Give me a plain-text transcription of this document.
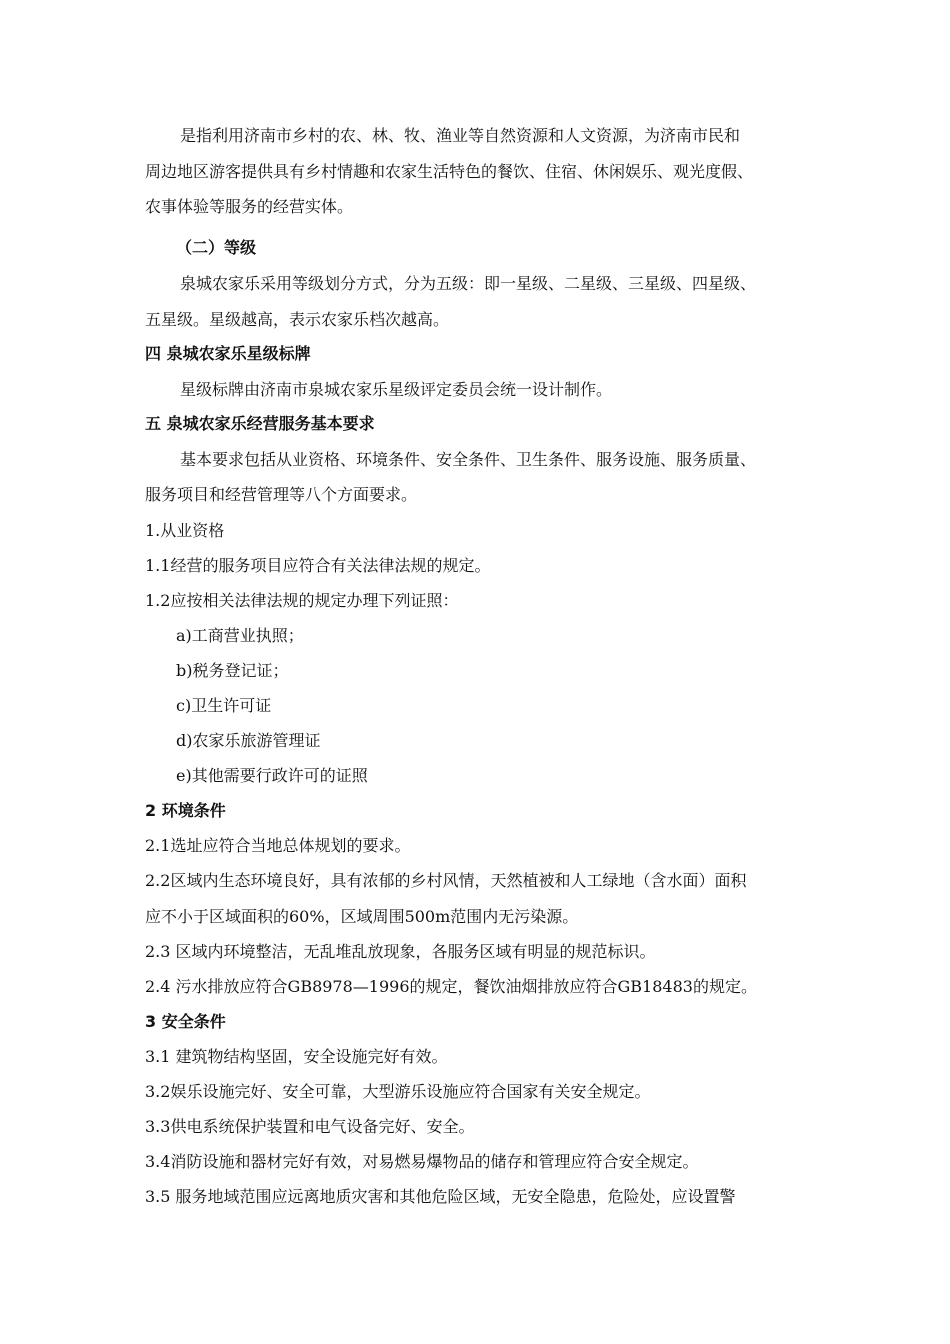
是指利用济南市乡村的农、林、牧、渔业等自然资源和人文资源，为济南市民和
周边地区游客提供具有乡村情趣和农家生活特色的餐饮、住宿、休闲娱乐、观光度假、
农事体验等服务的经营实体。
（二）等级
泉城农家乐采用等级划分方式，分为五级：即一星级、二星级、三星级、四星级、
五星级。星级越高，表示农家乐档次越高。
四 泉城农家乐星级标牌
星级标牌由济南市泉城农家乐星级评定委员会统一设计制作。
五 泉城农家乐经营服务基本要求
基本要求包括从业资格、环境条件、安全条件、卫生条件、服务设施、服务质量、
服务项目和经营管理等八个方面要求。
1.从业资格
1.1经营的服务项目应符合有关法律法规的规定。
1.2应按相关法律法规的规定办理下列证照：
a)工商营业执照；
b)税务登记证；
c)卫生许可证
d)农家乐旅游管理证
e)其他需要行政许可的证照
2 环境条件
2.1选址应符合当地总体规划的要求。
2.2区域内生态环境良好，具有浓郁的乡村风情，天然植被和人工绿地（含水面）面积
应不小于区域面积的60%，区域周围500m范围内无污染源。
2.3 区域内环境整洁，无乱堆乱放现象，各服务区域有明显的规范标识。
2.4 污水排放应符合GB8978—1996的规定，餐饮油烟排放应符合GB18483的规定。
3 安全条件
3.1 建筑物结构坚固，安全设施完好有效。
3.2娱乐设施完好、安全可靠，大型游乐设施应符合国家有关安全规定。
3.3供电系统保护装置和电气设备完好、安全。
3.4消防设施和器材完好有效，对易燃易爆物品的储存和管理应符合安全规定。
3.5 服务地域范围应远离地质灾害和其他危险区域，无安全隐患，危险处，应设置警
